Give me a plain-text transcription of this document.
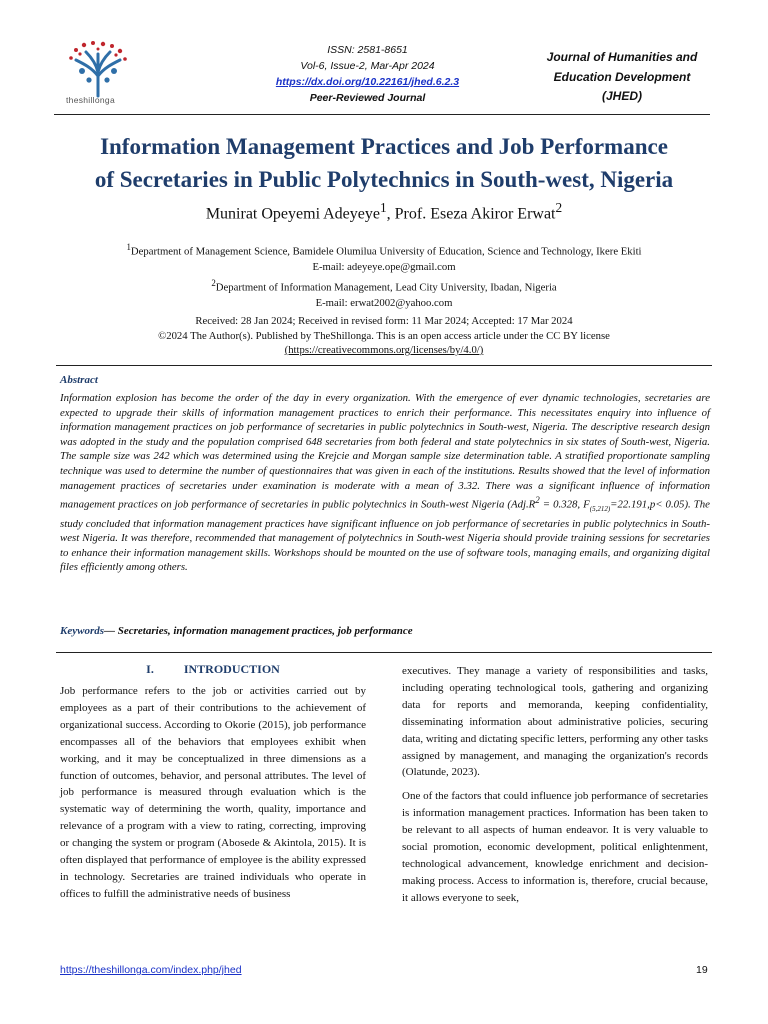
theshillonga
ISSN: 2581-8651
Vol-6, Issue-2, Mar-Apr 2024
https://dx.doi.org/10.22161/jhed.6.2.3
Peer-Reviewed Journal
Journal of Humanities and
Education Development
(JHED)
Information Management Practices and Job Performance
of Secretaries in Public Polytechnics in South-west, Nigeria
Munirat Opeyemi Adeyeye$^1$, Prof. Eseza Akiror Erwat$^2$
$^1$Department of Management Science, Bamidele Olumilua University of Education, Science and Technology, Ikere Ekiti
E-mail: adeyeye.ope@gmail.com
$^2$Department of Information Management, Lead City University, Ibadan, Nigeria
E-mail: erwat2002@yahoo.com
Received: 28 Jan 2024; Received in revised form: 11 Mar 2024; Accepted: 17 Mar 2024
©2024 The Author(s). Published by TheShillonga. This is an open access article under the CC BY license
(https://creativecommons.org/licenses/by/4.0/)
Abstract
Information explosion has become the order of the day in every organization. With the emergence of ever dynamic technologies, secretaries are expected to upgrade their skills of information management practices to enrich their performance. This necessitates enquiry into influence of information management practices on job performance of secretaries in public polytechnics in South-west, Nigeria. The descriptive research design was adopted in the study and the population comprised 648 secretaries from both federal and state polytechnics in six states of South-west, Nigeria. The sample size was 242 which was determined using the Krejcie and Morgan sample size determination table. A stratified proportionate sampling technique was used to determine the number of questionnaires that was given in each of the institutions. Results showed that the level of information management practices of secretaries under examination is moderate with a mean of 3.32. There was a significant influence of information management practices on job performance of secretaries in public polytechnics in South-west Nigeria ($Adj.R^2 = 0.328$, $F_{(5,212)}=22.191,p< 0.05$). The study concluded that information management practices have significant influence on job performance of secretaries in public polytechnics in South-west Nigeria. It was therefore, recommended that management of polytechnics in South-west Nigeria should provide training sessions for secretaries to enhance their information management skills. Workshops should be mounted on the use of software tools, managing emails, and organizing digital files efficiently among others.
Keywords— Secretaries, information management practices, job performance
I.          INTRODUCTION

Job performance refers to the job or activities carried out by employees as a part of their contributions to the achievement of organizational success. According to Okorie (2015), job performance encompasses all of the behaviors that employees exhibit when working, and it may be conceptualized in three dimensions as a function of outcomes, behavior, and personal attributes. The level of job performance is measured through evaluation which is the systematic way of determining the worth, quality, importance and relevance of a program with a view to rating, correcting, improving or changing the system or program (Abosede & Akintola, 2015). It is often displayed that performance of employee is the ability expressed in technology. Secretaries are trained individuals who operate in offices to fulfill the administrative needs of business

executives. They manage a variety of responsibilities and tasks, including operating technological tools, gathering and organizing data for reports and memoranda, keeping confidentiality, disseminating information about administrative policies, securing data, writing and dictating specific letters, performing any other tasks assigned by management, and managing the organization's records (Olatunde, 2023).

One of the factors that could influence job performance of secretaries is information management practices. Information has been taken to be relevant to all aspects of human endeavor. It is very valuable to social promotion, economic development, political enlightenment, technological advancement, knowledge enrichment and decision-making process. Access to information is, therefore, crucial because, it allows everyone to seek,

https://theshillonga.com/index.php/jhed	19
